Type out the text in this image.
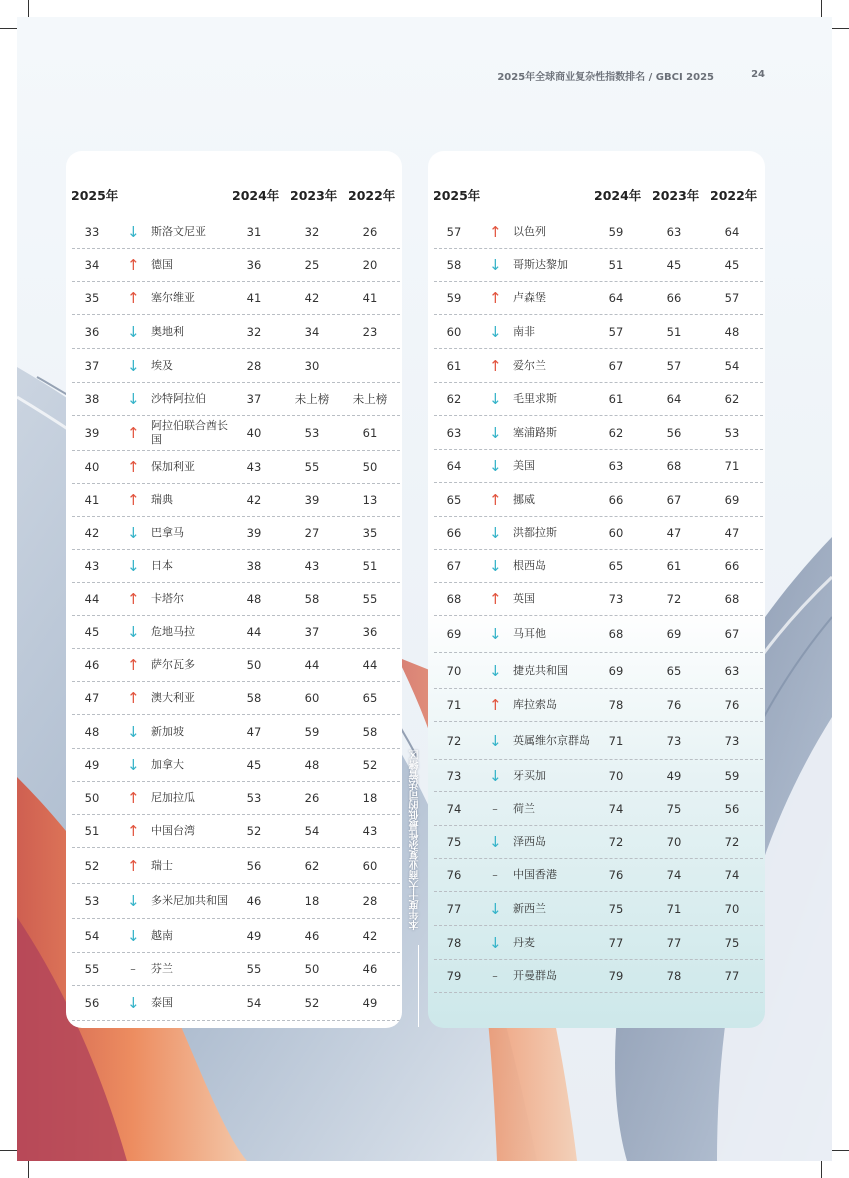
2025年全球商业复杂性指数排名 / GBCI 2025	24
2025年	2024年 2023年 2022年
33	↓ 斯洛文尼亚	31	32	26
34	↑ 德国	36	25	20
35	↑ 塞尔维亚	41	42	41
36	↓ 奥地利	32	34	23
37	↓ 埃及	28	30
38	↓ 沙特阿拉伯	37	未上榜	未上榜
39	↑ 阿拉伯联合酋长国	40	53	61
40	↑ 保加利亚	43	55	50
41	↑ 瑞典	42	39	13
42	↓ 巴拿马	39	27	35
43	↓ 日本	38	43	51
44	↑ 卡塔尔	48	58	55
45	↓ 危地马拉	44	37	36
46	↑ 萨尔瓦多	50	44	44
47	↑ 澳大利亚	58	60	65
48	↓ 新加坡	47	59	58
49	↓ 加拿大	45	48	52
50	↑ 尼加拉瓜	53	26	18
51	↑ 中国台湾	52	54	43
52	↑ 瑞士	56	62	60
53	↓ 多米尼加共和国	46	18	28
54	↓ 越南	49	46	42
55	– 芬兰	55	50	46
56	↓ 泰国	54	52	49
2025年	2024年 2023年 2022年
57	↑ 以色列	59	63	64
58	↓ 哥斯达黎加	51	45	45
59	↑ 卢森堡	64	66	57
60	↓ 南非	57	51	48
61	↑ 爱尔兰	67	57	54
62	↓ 毛里求斯	61	64	62
63	↓ 塞浦路斯	62	56	53
64	↓ 美国	63	68	71
65	↑ 挪威	66	67	69
66	↓ 洪都拉斯	60	47	47
67	↓ 根西岛	65	61	66
68	↑ 英国	73	72	68
69	↓ 马耳他	68	69	67
70	↓ 捷克共和国	69	65	63
71	↑ 库拉索岛	78	76	76
72	↓ 英属维尔京群岛	71	73	73
73	↓ 牙买加	70	49	59
74	– 荷兰	74	75	56
75	↓ 泽西岛	72	70	72
76	– 中国香港	76	74	74
77	↓ 新西兰	75	71	70
78	↓ 丹麦	77	77	75
79	– 开曼群岛	79	78	77
本年度十大商业复杂性最低的司法管辖区
